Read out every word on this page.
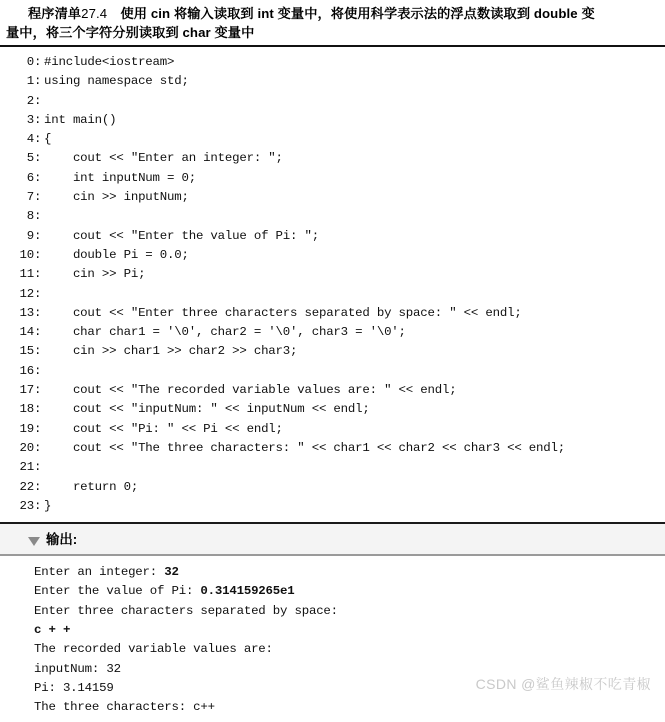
程序清单27.4　使用 cin 将输入读取到 int 变量中，将使用科学表示法的浮点数读取到 double 变
量中，将三个字符分别读取到 char 变量中
0: #include<iostream>
1: using namespace std;
2:
3: int main()
4: {
5:    cout << "Enter an integer: ";
6:    int inputNum = 0;
7:    cin >> inputNum;
8:
9:    cout << "Enter the value of Pi: ";
10:    double Pi = 0.0;
11:    cin >> Pi;
12:
13:    cout << "Enter three characters separated by space: " << endl;
14:    char char1 = '\0', char2 = '\0', char3 = '\0';
15:    cin >> char1 >> char2 >> char3;
16:
17:    cout << "The recorded variable values are: " << endl;
18:    cout << "inputNum: " << inputNum << endl;
19:    cout << "Pi: " << Pi << endl;
20:    cout << "The three characters: " << char1 << char2 << char3 << endl;
21:
22:    return 0;
23: }
输出:
Enter an integer: 32
Enter the value of Pi: 0.314159265e1
Enter three characters separated by space:
c + +
The recorded variable values are:
inputNum: 32
Pi: 3.14159
The three characters: c++
CSDN @鲨鱼辣椒不吃青椒
